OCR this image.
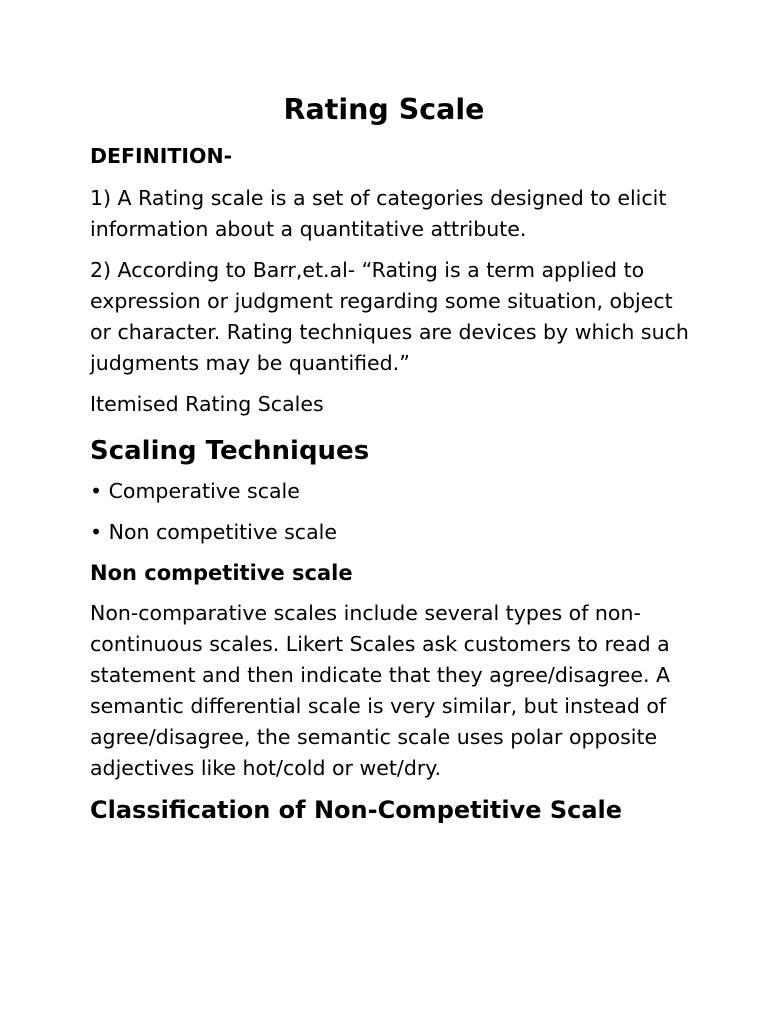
Rating Scale
DEFINITION-
1) A Rating scale is a set of categories designed to elicit information about a quantitative attribute.
2) According to Barr,et.al- “Rating is a term applied to expression or judgment regarding some situation, object or character. Rating techniques are devices by which such judgments may be quantified.”
Itemised Rating Scales
Scaling Techniques
• Comperative scale
• Non competitive scale
Non competitive scale
Non-comparative scales include several types of non-continuous scales. Likert Scales ask customers to read a statement and then indicate that they agree/disagree. A semantic differential scale is very similar, but instead of agree/disagree, the semantic scale uses polar opposite adjectives like hot/cold or wet/dry.
Classification of Non-Competitive Scale
